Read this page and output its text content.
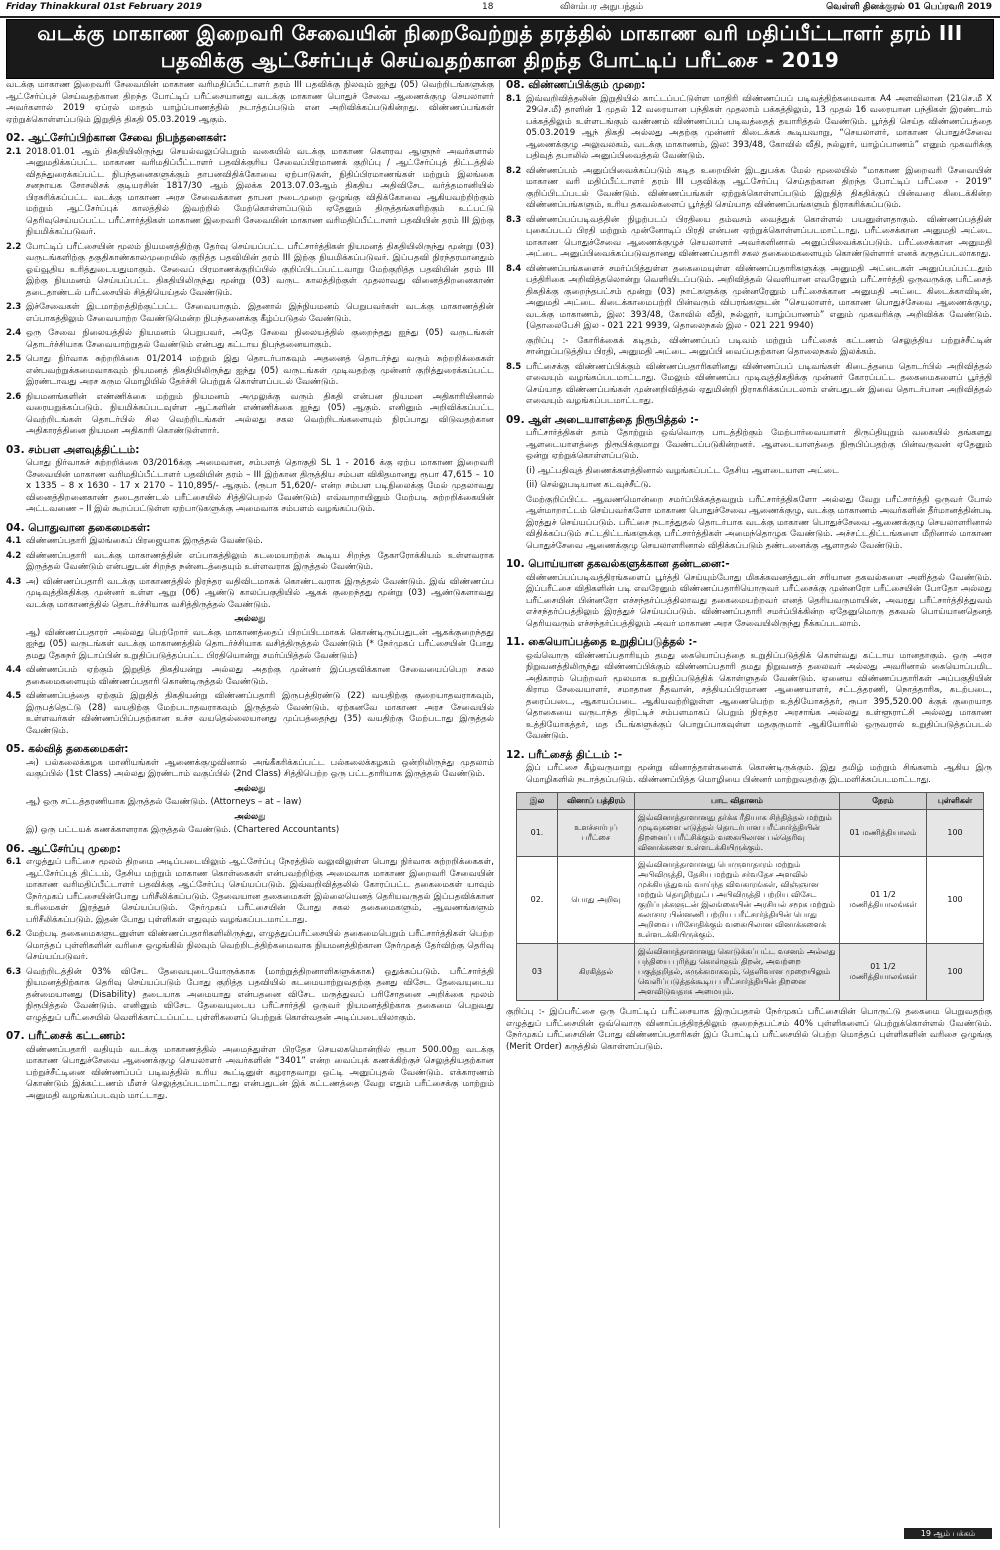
Friday Thinakkural 01st February 2019	18	விளம்பர அநுபந்தம்	வெள்ளி தினக்குரல் 01 பெப்ரவரி 2019
வடக்கு மாகாண இறைவரி சேவையின் நிறைவேற்றுத் தரத்தில் மாகாண வரி மதிப்பீட்டாளர் தரம் III
பதவிக்கு ஆட்சேர்ப்புச் செய்வதற்கான திறந்த போட்டிப் பரீட்சை - 2019

வடக்கு மாகாண இறைவரி சேவையின் மாகாண வரிமதிப்பீட்டாளர் தரம் III பதவிக்கு நிலவும் ஐந்து (05) வெற்றிடங்களுக்கு ஆட்சேர்ப்புச் செய்வதற்கான திறந்த போட்டிப் பரீட்சையானது வடக்கு மாகாண பொதுச் சேவை ஆணைக்குழு செயலாளர் அவர்களால் 2019 ஏப்ரல் மாதம் யாழ்ப்பாணத்தில் நடாத்தப்படும் என அறிவிக்கப்படுகின்றது. விண்ணப்பங்கள் ஏற்றுக்கொள்ளப்படும் இறுதித் திகதி 05.03.2019 ஆகும்.

02. ஆட்சேர்ப்பிற்கான சேவை நிபந்தனைகள்:
2.1 2018.01.01 ஆம் திகதியிலிருந்து செயல்வலுப்பெறும் வகையில் வடக்கு மாகாண கௌரவ ஆளுநர் அவர்களால் அனுமதிக்கப்பட்ட மாகாண வரிமதிப்பீட்டாளர் பதவிக்குரிய சேவைப்பிரமாணக் குறிப்பு / ஆட்சேர்ப்புத் திட்டத்தில் விதந்துரைக்கப்பட்ட நிபந்தனைகளுக்கும் தாபனவிதிக்கோவை ஏற்பாடுகள், நிதிப்பிரமாணங்கள் மற்றும் இலங்கை சனநாயக சோசலிசக் குடியரசின் 1817/30 ஆம் இலக்க 2013.07.03ஆம் திகதிய அதிவிசேட வர்த்தமானியில் பிரசுரிக்கப்பட்ட வடக்கு மாகாண அரச சேவைக்கான தாபன நடைமுறை ஒழுங்கு விதிக்கோவை ஆகியவற்றிற்கும் மற்றும் ஆட்சேர்ப்புக் காலத்தில் இவற்றில் மேற்கொள்ளப்படும் ஏதேனும் திருத்தங்களிற்கும் உட்பட்டு தெரிவுசெய்யப்பட்ட பரீட்சார்த்திகள் மாகாண இறைவரி சேவையின் மாகாண வரிமதிப்பீட்டாளர் பதவியின் தரம் III இற்கு நியமிக்கப்படுவர்.
2.2 போட்டிப் பரீட்சையின் மூலம் நியமனத்திற்கு தேர்வு செய்யப்பட்ட பரீட்சார்த்திகள் நியமனத் திகதியிலிருந்து மூன்று (03) வருடங்களிற்கு தகுதிகாண்காலமுறையில் குறித்த பதவியின் தரம் III இற்கு நியமிக்கப்படுவர். இப்பதவி நிரந்தரமானதும் ஓய்வூதிய உரித்துடையதுமாகும். சேவைப் பிரமாணக்குறிப்பில் குறிப்பிடப்பட்டவாறு மேற்குறித்த பதவியின் தரம் III இற்கு நியமனம் செய்யப்பட்ட திகதியிலிருந்து மூன்று (03) வருட காலத்திற்குள் முதலாவது வினைத்திறனைகாண் தடைதாண்டல் பரீட்சையில் சித்தியெய்தல் வேண்டும்.
2.3 இச்சேவைகள் இடமாற்றத்திற்குட்பட்ட சேவையாகும். இதனால் இந்நியமனம் பெறுபவர்கள் வடக்கு மாகாணத்தின் எப்பாகத்திலும் சேவையாற்ற வேண்டுமென்ற நிபந்தனைக்கு கீழ்ப்படுதல் வேண்டும்.
2.4 ஒரு சேவை நிலையத்தில் நியமனம் பெறுபவர், அதே சேவை நிலையத்தில் குறைந்தது ஐந்து (05) வருடங்கள் தொடர்ச்சியாக சேவையாற்றுதல் வேண்டும் என்பது கட்டாய நிபந்தனையாகும்.
2.5 பொது நிர்வாக சுற்றறிக்கை 01/2014 மற்றும் இது தொடர்பாகவும் அதனைத் தொடர்ந்து வரும் சுற்றறிக்கைகள் என்பவற்றுக்கமைவாகவும் நியமனத் திகதியிலிருந்து ஐந்து (05) வருடங்கள் முடிவதற்கு முன்னர் குறித்துரைக்கப்பட்ட இரண்டாவது அரச கரும மொழியில் தேர்ச்சி பெற்றுக் கொள்ளப்படல் வேண்டும்.
2.6 நியமனங்களின் எண்ணிக்கை மற்றும் நியமனம் அமுலுக்கு வரும் திகதி என்பன நியமன அதிகாரியினால் வரையறுக்கப்படும். நியமிக்கப்படவுள்ள ஆட்களின் எண்ணிக்கை ஐந்து (05) ஆகும். எனினும் அறிவிக்கப்பட்ட வெற்றிடங்கள் தொடர்பில் சில வெற்றிடங்கள் அல்லது சகல வெற்றிடங்களையும் நிரப்பாது விடுவதற்கான அதிகாரத்தினை நியமன அதிகாரி கொண்டுள்ளார்.
03. சம்பள அளவுத்திட்டம்:

பொது நிர்வாகச் சுற்றறிக்கை 03/2016க்கு அமைவான, சம்பளத் தொகுதி SL 1 - 2016 க்கு ஏற்ப மாகாண இறைவரி சேவையின் மாகாண வரிமதிப்பீட்டாளர் பதவியின் தரம் – III இற்கான திருத்திய சம்பள விகிதமானது ரூபா 47,615 – 10 x 1335 – 8 x 1630 - 17 x 2170 – 110,895/- ஆகும். (ரூபா 51,620/- என்ற சம்பள படிநிலைக்கு மேல் முதலாவது வினைத்திறனைகாண் தடைதாண்டல் பரீட்சையில் சித்திபெறல் வேண்டும்) எவ்வாறாயினும் மேற்படி சுற்றறிக்கையின் அட்டவணை – II இல் கூறப்பட்டுள்ள ஏற்பாடுகளுக்கு அமைவாக சம்பளம் வழங்கப்படும்.

04. பொதுவான தகைமைகள்:
4.1 விண்ணப்பதாரி இலங்கைப் பிரஜையாக இருத்தல் வேண்டும்.
4.2 விண்ணப்பதாரி வடக்கு மாகாணத்தின் எப்பாகத்திலும் கடமையாற்றக் கூடிய சிறந்த தேகாரோக்கியம் உள்ளவராக இருத்தல் வேண்டும் என்பதுடன் சிறந்த நன்னடத்தையும் உள்ளவராக இருத்தல் வேண்டும்.
4.3 அ) விண்ணப்பதாரி வடக்கு மாகாணத்தில் நிரந்தர வதிவிடமாகக் கொண்டவராக இருத்தல் வேண்டும். இவ் விண்ணப்ப முடிவுத்திகதிக்கு முன்னர் உள்ள ஆறு (06) ஆண்டு காலப்பகுதியில் ஆகக் குறைந்தது மூன்று (03) ஆண்டுகளாவது வடக்கு மாகாணத்தில் தொடர்ச்சியாக வசித்திருத்தல் வேண்டும்.
அல்லது

ஆ) விண்ணப்பதாரர் அல்லது பெற்றோர் வடக்கு மாகாணத்தைப் பிறப்பிடமாகக் கொண்டிருப்பதுடன் ஆகக்குறைந்தது ஐந்து (05) வருடங்கள் வடக்கு மாகாணத்தில் தொடர்ச்சியாக வசித்திருத்தல் வேண்டும் (* நேர்முகப் பரீட்சையின் போது தமது தேசுநர் இடாப்பின் உறுதிப்படுத்தப்பட்ட பிரதியொன்று சமர்ப்பித்தல் வேண்டும்)

4.4 விண்ணப்பம் ஏற்கும் இறுதித் திகதியன்று அல்லது அதற்கு முன்னர் இப்பதவிக்கான சேவையைப்பெற சகல தகைமைகளையும் விண்ணப்பதாரி கொண்டிருத்தல் வேண்டும்.
4.5 விண்ணப்பத்தை ஏற்கும் இறுதித் திகதியன்று விண்ணப்பதாரி இருபத்திரண்டு (22) வயதிற்கு குறையாதவராகவும், இருபத்தெட்டு (28) வயதிற்கு மேற்படாதவராகவும் இருத்தல் வேண்டும். ஏற்கனவே மாகாண அரச சேவையில் உள்ளவர்கள் விண்ணப்பிப்பதற்கான உச்ச வயதெல்லையானது முப்பத்தைந்து (35) வயதிற்கு மேற்படாது இருத்தல் வேண்டும்.
05. கல்வித் தகைமைகள்:

அ) பல்கலைக்கழக மானியங்கள் ஆணைக்குழுவினால் அங்கீகரிக்கப்பட்ட பல்கலைக்கழகம் ஒன்றிலிருந்து முதலாம் வகுப்பில் (1st Class) அல்லது இரண்டாம் வகுப்பில் (2nd Class) சித்திபெற்ற ஒரு பட்டதாரியாக இருத்தல் வேண்டும்.

அல்லது

ஆ) ஒரு சட்டத்தரணியாக இருத்தல் வேண்டும். (Attorneys – at – law)

அல்லது

இ) ஒரு பட்டயக் கணக்காளராக இருத்தல் வேண்டும். (Chartered Accountants)

06. ஆட்சேர்ப்பு முறை:
6.1 எழுத்துப் பரீட்சை மூலம் திறமை அடிப்படையிலும் ஆட்சேர்ப்பு நேரத்தில் வலுவிலுள்ள பொது நிர்வாக சுற்றறிக்கைகள், ஆட்சேர்ப்புத் திட்டம், தேசிய மற்றும் மாகாண கொள்கைகள் என்பவற்றிற்கு அமைவாக மாகாண இறைவரி சேவையின் மாகாண வரிமதிப்பீட்டாளர் பதவிக்கு ஆட்சேர்ப்பு செய்யப்படும். இவ்வறிவித்தலில் கோரப்பட்ட தகைமைகள் யாவும் நேர்முகப் பரீட்சையின்போது பரிசீலிக்கப்படும். தேவையான தகைமைகள் இல்லையெனத் தெரியவருதல் இப்பதவிக்கான உரிமைகள் இரத்துச் செய்யப்படும். நேர்முகப் பரீட்சையின் போது சகல தகைமைகளும், ஆவணங்களும் பரிசீலிக்கப்படும். இதன் போது புள்ளிகள் எதுவும் வழங்கப்படமாட்டாது.
6.2 மேற்படி தகைமைகளுடனுள்ள விண்ணப்பதாரிகளிலிருந்து, எழுத்துப்பரீட்சையில் தகைமைபெறும் பரீட்சார்த்திகள் பெற்ற மொத்தப் புள்ளிகளின் வரிசை ஒழுங்கில் நிலவும் வெற்றிடத்திற்கமைவாக நியமனத்திற்கான நேர்முகத் தேர்விற்கு தெரிவு செய்யப்படுவர்.
6.3 வெற்றிடத்தின் 03% விசேட தேவையுடையோருக்காக (மாற்றுத்திறனாளிகளுக்காக) ஒதுக்கப்படும். பரீட்சார்த்தி நியமனத்திற்காக தெரிவு செய்யப்படும் போது குறித்த பதவியில் கடமையாற்றுவதற்கு தனது விசேட தேவையுடைய தன்மையானது (Disability) தடையாக அமையாது என்பதனை விசேட மருத்துவப் பரிசோதனை அறிக்கை மூலம் நிரூபித்தல் வேண்டும். எனினும் விசேட தேவையுடைய பரீட்சார்த்தி ஒருவர் நியமனத்திற்காக தகைமை பெறுவது எழுத்துப் பரீட்சையில் வெளிக்காட்டப்பட்ட புள்ளிகளைப் பெற்றுக் கொள்வதன் அடிப்படையிலாகும்.
07. பரீட்சைக் கட்டணம்:

விண்ணப்பதாரி வதியும் வடக்கு மாகாணத்தில் அமைந்துள்ள பிரதேச செயலகமொன்றில் ரூபா 500.00ஐ வடக்கு மாகாண பொதுச்சேவை ஆணைக்குழு செயலாளர் அவர்களின் “3401” என்ற வைப்புக் கணக்கிற்குச் செலுத்தியதற்கான பற்றுச்சீட்டினை விண்ணப்பப் படிவத்தில் உரிய கூட்டினுள் கழராதவாறு ஒட்டி அனுப்புதல் வேண்டும். எக்காரணம் கொண்டும் இக்கட்டணம் மீளச் செலுத்தப்படமாட்டாது என்பதுடன் இக் கட்டணத்தை வேறு எதும் பரீட்சைக்கு மாற்றும் அனுமதி வழங்கப்படவும் மாட்டாது.

08. விண்ணப்பிக்கும் முறை:
8.1 இவ்வறிவித்தலின் இறுதியில் காட்டப்பட்டுள்ள மாதிரி விண்ணப்பப் படிவத்திற்கமைவாக A4 அளவிலான (21செ.மீ X 29செ.மீ) தாளின் 1 முதல் 12 வரையான பந்திகள் முதலாம் பக்கத்திலும், 13 முதல் 16 வரையான பந்திகள் இரண்டாம் பக்கத்திலும் உள்ளடங்கும் வண்ணம் விண்ணப்பப் படிவத்தைத் தயாரித்தல் வேண்டும். பூர்த்தி செய்த விண்ணப்பத்தை 05.03.2019 ஆந் திகதி அல்லது அதற்கு முன்னர் கிடைக்கக் கூடியவாறு, “செயலாளர், மாகாண பொதுச்சேவை ஆணைக்குழு அலுவலகம், வடக்கு மாகாணம், இல: 393/48, கோவில் வீதி, நல்லூர், யாழ்ப்பாணம்” எனும் முகவரிக்கு பதிவுத் தபாலில் அனுப்பிவைத்தல் வேண்டும்.
8.2 விண்ணப்பம் அனுப்பிவைக்கப்படும் கடித உறையின் இடதுபக்க மேல் மூலையில் “மாகாண இறைவரி சேவையின் மாகாண வரி மதிப்பீட்டாளர் தரம் III பதவிக்கு ஆட்சேர்ப்பு செய்தற்கான திறந்த போட்டிப் பரீட்சை - 2019” குறிப்பிடப்படல் வேண்டும். விண்ணப்பங்கள் ஏற்றுக்கொள்ளப்படும் இறுதித் திகதிக்குப் பின்வரை கிடைக்கின்ற விண்ணப்பங்களும், உரிய தகவல்களைப் பூர்த்தி செய்யாத விண்ணப்பங்களும் நிராகரிக்கப்படும்.
8.3 விண்ணப்பப்படிவத்தின் நிழற்படப் பிரதியை தம்வசம் வைத்துக் கொள்ளல் பயனுள்ளதாகும். விண்ணப்பத்தின் புகைப்படப் பிரதி மற்றும் முன்னோடிப் பிரதி என்பன ஏற்றுக்கொள்ளப்படமாட்டாது. பரீட்சைக்கான அனுமதி அட்டை மாகாண பொதுச்சேவை ஆணைக்குழுச் செயலாளர் அவர்களினால் அனுப்பிவைக்கப்படும். பரீட்சைக்கான அனுமதி அட்டை அனுப்பிவைக்கப்படுவதானது விண்ணப்பதாரி சகல தகைமைகளையும் கொண்டுள்ளார் எனக் கருதப்படலாகாது.
8.4 விண்ணப்பங்களைச் சமர்ப்பித்துள்ள தகைமையுள்ள விண்ணப்பதாரிகளுக்கு அனுமதி அட்டைகள் அனுப்பப்பட்டதும் பத்திரிகை அறிவித்தலொன்று வெளியிடப்படும். அறிவித்தல் வெளியான எவரேனும் பரீட்சார்த்தி ஒருவருக்கு பரீட்சைத் திகதிக்கு குறைந்தபட்சம் மூன்று (03) நாட்களுக்கு முன்னரேனும் பரீட்சைக்கான அனுமதி அட்டை கிடைக்காவிடின், அனுமதி அட்டை கிடைக்காமைபற்றி பின்வரும் விபரங்களுடன் “செயலாளர், மாகாண பொதுச்சேவை ஆணைக்குழு, வடக்கு மாகாணம், இல: 393/48, கோவில் வீதி, நல்லூர், யாழ்ப்பாணம்” எனும் முகவரிக்கு அறிவிக்க வேண்டும். (தொலைபேசி இல - 021 221 9939, தொலைநகல் இல - 021 221 9940)
குறிப்பு :- கோரிக்கைக் கடிதம், விண்ணப்பப் படிவம் மற்றும் பரீட்சைக் கட்டணம் செலுத்திய பற்றுச்சீட்டின் சான்றுப்படுத்திய பிரதி, அனுமதி அட்டை அனுப்பி வைப்பதற்கான தொலைநகல் இலக்கம்.
8.5 பரீட்சைக்கு விண்ணப்பிக்கும் விண்ணப்பதாரிகளினது விண்ணப்பப் படிவங்கள் கிடைத்தமை தொடர்பில் அறிவித்தல் எவையும் வழங்கப்படமாட்டாது. மேலும் விண்ணப்ப முடிவுத்திகதிக்கு முன்னர் கோரப்பட்ட தகைமைகளைப் பூர்த்தி செய்யாத விண்ணப்பங்கள் முன்னறிவித்தல் ஏதுமின்றி நிராகரிக்கப்படலாம் என்பதுடன் இவை தொடர்பான அறிவித்தல் எவையும் வழங்கப்படமாட்டாது.
09. ஆள் அடையாளத்தை நிரூபித்தல் :-

பரீட்சார்த்திகள் தாம் தோற்றும் ஒவ்வொரு பாடத்திற்கும் மேற்பார்வையாளர் திருப்தியுறும் வகையில் தங்களது ஆளடையாளத்தை நிரூபிக்குமாறு வேண்டப்படுகின்றனர். ஆளடையாளத்தை நிரூபிப்பதற்கு பின்வருவன் ஏதேனும் ஒன்று ஏற்றுக்கொள்ளப்படும்.

(i) ஆட்பதிவுத் திணைக்களத்தினால் வழங்கப்பட்ட தேசிய ஆளடையாள அட்டை

(ii) செல்லுபடியான கடவுச்சீட்டு.

மேற்குறிப்பிட்ட ஆவணமொன்றை சமர்ப்பிக்கத்தவறும் பரீட்சார்த்திகளோ அல்லது வேறு பரீட்சார்த்தி ஒருவர் போல் ஆள்மாறாட்டம் செய்பவர்களோ மாகாண பொதுச்சேவை ஆணைக்குழு, வடக்கு மாகாணம் அவர்களின் தீர்மானத்தின்படி இரத்துச் செய்யப்படும். பரீட்சை நடாத்துதல் தொடர்பாக வடக்கு மாகாண பொதுச்சேவை ஆணைக்குழு செயலாளரினால் விதிக்கப்படும் சட்டதிட்டங்களுக்கு பரீட்சார்த்திகள் அமைந்தொழுக வேண்டும். அச்சட்டதிட்டங்களை மீறினால் மாகாண பொதுச்சேவை ஆணைக்குழு செயலாளரினால் விதிக்கப்படும் தண்டனைக்கு ஆளாதல் வேண்டும்.

10. பொய்யான தகவல்களுக்கான தண்டனை:-

விண்ணப்பப்படிவத்திரங்களைப் பூர்த்தி செய்யும்போது மிகக்கவனத்துடன் சரியான தகவல்களை அளித்தல் வேண்டும். இப்பரீட்சை விதிகளின் படி எவரேனும் விண்ணப்பதாரியொருவர் பரீட்சைக்கு முன்னரோ பரீட்சையின் போதோ அல்லது பரீட்சையின் பின்னரோ எச்சந்தர்ப்பத்திலாவது தகைமையற்றவர் எனத் தெரியவருமாயின், அவரது பரீட்சார்த்தித்துவம் எச்சந்தர்ப்பத்திலும் இரத்துச் செய்யப்படும். விண்ணப்பதாரி சமர்ப்பிக்கின்ற ஏதேனுமொரு தகவல் பொய்யானதெனத் தெரியவரும் எச்சந்தர்ப்பத்திலும் அவர் மாகாண அரச சேவையிலிருந்து நீக்கப்படலாம்.

11. கையொப்பத்தை உறுதிப்படுத்தல் :-

ஒவ்வொரு விண்ணப்பதாரியும் தமது கையொப்பத்தை உறுதிப்படுத்திக் கொள்வது கட்டாய மானதாகும். ஒரு அரச நிறுவனத்திலிருந்து விண்ணப்பிக்கும் விண்ணப்பதாரி தமது நிறுவனத் தலைவர் அல்லது அவரினால் கையொப்பமிட அதிகாரம் பெற்றவர் மூலமாக உறுதிப்படுத்திக் கொள்ளுதல் வேண்டும். ஏனைய விண்ணப்பதாரிகள் அப்பகுதியின் கிராம சேவையாளர், சமாதான நீதவான், சத்தியப்பிரமாண ஆணையாளர், சட்டத்தரணி, நொத்தாரிசு, கடற்படை, தரைப்படை, ஆகாயப்படை ஆகியவற்றிலுள்ள ஆணைபெற்ற உத்தியோகத்தர், ரூபா 395,520.00 க்குக் குறையாத தொகையை வருடாந்த திரட்டிச் சம்பளமாகப் பெறும் நிரந்தர அரசாங்க அல்லது உள்ளூராட்சி அல்லது மாகாண உத்தியோகத்தர், மத பீடங்களுக்குப் பொறுப்பாகவுள்ள மதகுருமார் ஆகியோரில் ஒருவரால் உறுதிப்படுத்தப்படல் வேண்டும்.

12. பரீட்சைத் திட்டம் :-

இப் பரீட்சை கீழ்வருமாறு மூன்று வினாத்தாள்களைக் கொண்டிருக்கும். இது தமிழ் மற்றும் சிங்களம் ஆகிய இரு மொழிகளில் நடாத்தப்படும். விண்ணப்பித்த மொழியை பின்னர் மாற்றுவதற்கு இடமளிக்கப்படமாட்டாது.

இல	வினாப் பத்திரம்	பாட விதானம்	நேரம்	புள்ளிகள்
01.	உளச்சார்புப் பரீட்சை	இவ்வினாத்தாளானது தர்க்க ரீதியாக சிந்தித்தல் மற்றும் முடிவுகளை எடுத்தல் தொடர்பான பரீட்சார்த்தியின் திறனைப் பரீட்சிக்கும் வகையிலான பல்தெரிவு வினாக்களை உள்ளடக்கியிருக்கும்.	01 மணித்தியாலம்	100
02.	பொது அறிவு	இவ்வினாத்தாளானது பொருளாதாரம் மற்றும் அபிவிருத்தி, தேசிய மற்றும் சர்வதேச அளவில் முக்கியத்துவம் வாய்ந்த விவகாரங்கள், விஞ்ஞான மற்றும் தொழிற்நுட்ப அபிவிருத்தி பற்றிய விசேட குறிப்புக்களுடன் இலங்கையின் அரசியல் சமூக மற்றும் கலாசார பின்னணி பற்றிய பரீட்சார்த்தியின் பொது அறிவை பரிசோதிக்கும் வகையிலான வினாக்களைக் உள்ளடக்கியிருக்கும்.	01 1/2 மணித்தியாலங்கள்	100
03	கிரகித்தல்	இவ்வினாத்தாளானது கொடுக்கப்பட்ட வசனம் அல்லது பந்தியை புரிந்து கொள்ளும் திறன், அவற்றை பகுத்தறிதல், சுருக்கமாகவும், தெளிவான முறையிலும் வெளிப்படுத்தக்கூடிய பரீட்சார்த்தியின் திறனை அளவிடுவதாக அமையும்.	01 1/2 மணித்தியாலங்கள்	100

குறிப்பு :- இப்பரீட்சை ஒரு போட்டிப் பரீட்சையாக இருப்பதால் நேர்முகப் பரீட்சையின் பொருட்டு தகைமை பெறுவதற்கு எழுத்துப் பரீட்சையின் ஒவ்வொரு வினாப்பத்திரத்திலும் குறைந்தபட்சம் 40% புள்ளிகளைப் பெற்றுக்கொள்ளல் வேண்டும். நேர்முகப் பரீட்சையின் போது விண்ணப்பதாரிகள் இப் போட்டிப் பரீட்சையில் பெற்ற மொத்தப் புள்ளிகளின் வரிசை ஒழுங்கு (Merit Order) கருத்தில் கொள்ளப்படும்.

19 ஆம் பக்கம் பார்க்க.....
